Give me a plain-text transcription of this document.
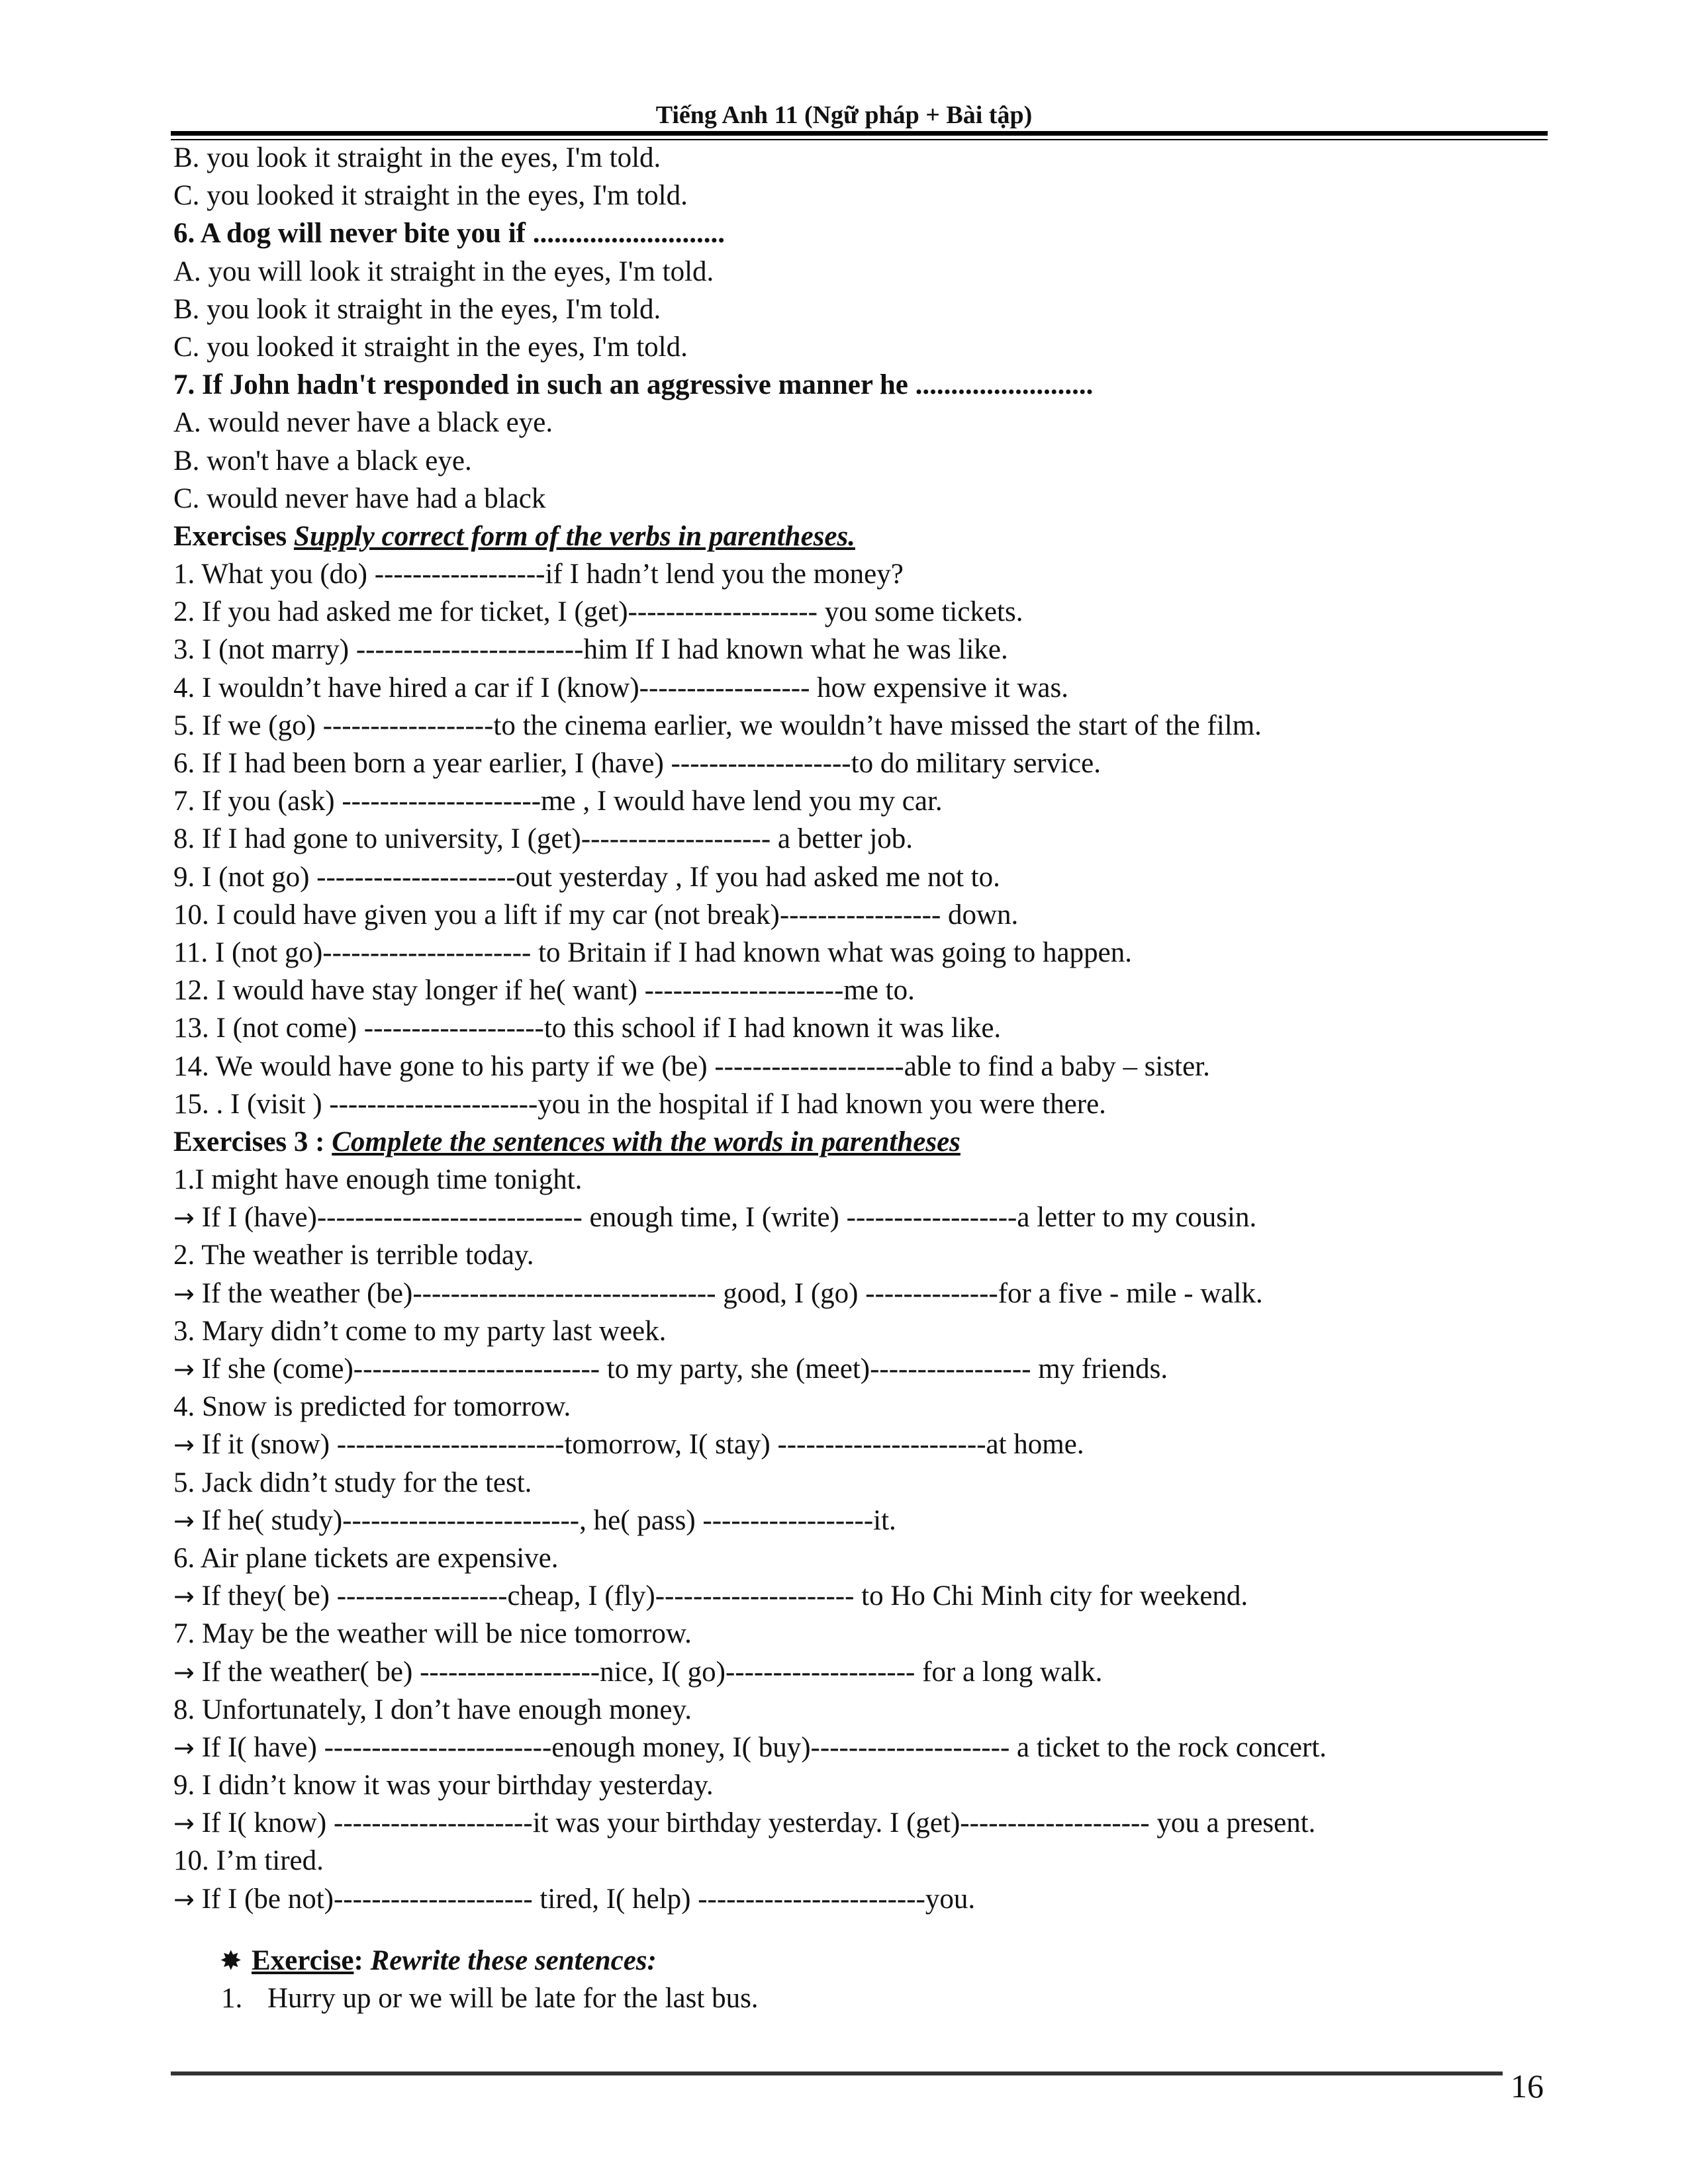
Tiếng Anh 11 (Ngữ pháp + Bài tập)
B. you look it straight in the eyes, I'm told.
C. you looked it straight in the eyes, I'm told.
6. A dog will never bite you if ...........................
A. you will look it straight in the eyes, I'm told.
B. you look it straight in the eyes, I'm told.
C. you looked it straight in the eyes, I'm told.
7. If John hadn't responded in such an aggressive manner he .........................
A. would never have a black eye.
B. won't have a black eye.
C. would never have had a black
Exercises Supply correct form of the verbs in parentheses.
1. What you (do) ------------------if I hadn’t lend you the money?
2. If you had asked me for ticket, I (get)-------------------- you some tickets.
3. I (not marry) ------------------------him If I had known what he was like.
4. I wouldn’t have hired a car if I (know)------------------ how expensive it was.
5. If we (go) ------------------to the cinema earlier, we wouldn’t have missed the start of the film.
6. If I had been born a year earlier, I (have) -------------------to do military service.
7. If you (ask) ---------------------me , I would have lend you my car.
8. If I had gone to university, I (get)-------------------- a better job.
9. I (not go) ---------------------out yesterday , If you had asked me not to.
10. I could have given you a lift if my car (not break)----------------- down.
11. I (not go)---------------------- to Britain if I had known what was going to happen.
12. I would have stay longer if he( want) ---------------------me to.
13. I (not come) -------------------to this school if I had known it was like.
14. We would have gone to his party if we (be) --------------------able to find a baby – sister.
15. . I (visit ) ----------------------you in the hospital if I had known you were there.
Exercises 3 : Complete the sentences with the words in parentheses
1.I might have enough time tonight.
→ If I (have)---------------------------- enough time, I (write) ------------------a letter to my cousin.
2. The weather is terrible today.
→ If the weather (be)-------------------------------- good, I (go) --------------for a five - mile - walk.
3. Mary didn’t come to my party last week.
→ If she (come)-------------------------- to my party, she (meet)----------------- my friends.
4. Snow is predicted for tomorrow.
→ If it (snow) ------------------------tomorrow, I( stay) ----------------------at home.
5. Jack didn’t study for the test.
→ If he( study)-------------------------, he( pass) ------------------it.
6. Air plane tickets are expensive.
→ If they( be) ------------------cheap, I (fly)--------------------- to Ho Chi Minh city for weekend.
7. May be the weather will be nice tomorrow.
→ If the weather( be) -------------------nice, I( go)-------------------- for a long walk.
8. Unfortunately, I don’t have enough money.
→ If I( have) ------------------------enough money, I( buy)--------------------- a ticket to the rock concert.
9. I didn’t know it was your birthday yesterday.
→ If I( know) ---------------------it was your birthday yesterday. I (get)-------------------- you a present.
10. I’m tired.
→ If I (be not)--------------------- tired, I( help) ------------------------you.
✸ Exercise: Rewrite these sentences:
1. Hurry up or we will be late for the last bus.
16
